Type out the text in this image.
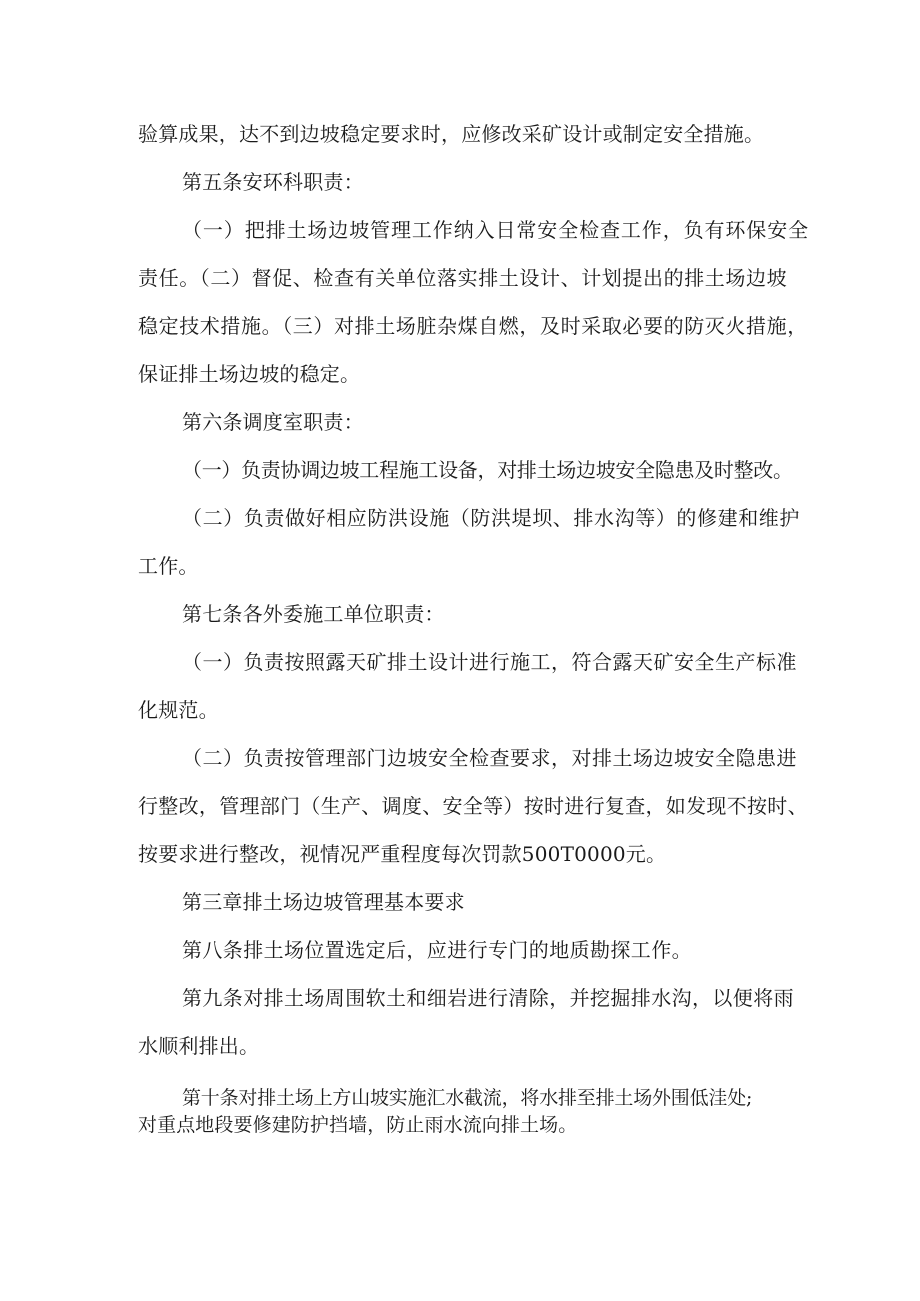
验算成果，达不到边坡稳定要求时，应修改采矿设计或制定安全措施。
第五条安环科职责：
（一）把排土场边坡管理工作纳入日常安全检查工作，负有环保安全
责任。（二）督促、检查有关单位落实排土设计、计划提出的排土场边坡
稳定技术措施。（三）对排土场脏杂煤自燃，及时采取必要的防灭火措施，
保证排土场边坡的稳定。
第六条调度室职责：
（一）负责协调边坡工程施工设备，对排土场边坡安全隐患及时整改。
（二）负责做好相应防洪设施（防洪堤坝、排水沟等）的修建和维护
工作。
第七条各外委施工单位职责：
（一）负责按照露天矿排土设计进行施工，符合露天矿安全生产标准
化规范。
（二）负责按管理部门边坡安全检查要求，对排土场边坡安全隐患进
行整改，管理部门（生产、调度、安全等）按时进行复查，如发现不按时、
按要求进行整改，视情况严重程度每次罚款500T0000元。
第三章排土场边坡管理基本要求
第八条排土场位置选定后，应进行专门的地质勘探工作。
第九条对排土场周围软土和细岩进行清除，并挖掘排水沟，以便将雨
水顺利排出。
第十条对排土场上方山坡实施汇水截流，将水排至排土场外围低洼处;
对重点地段要修建防护挡墙，防止雨水流向排土场。
